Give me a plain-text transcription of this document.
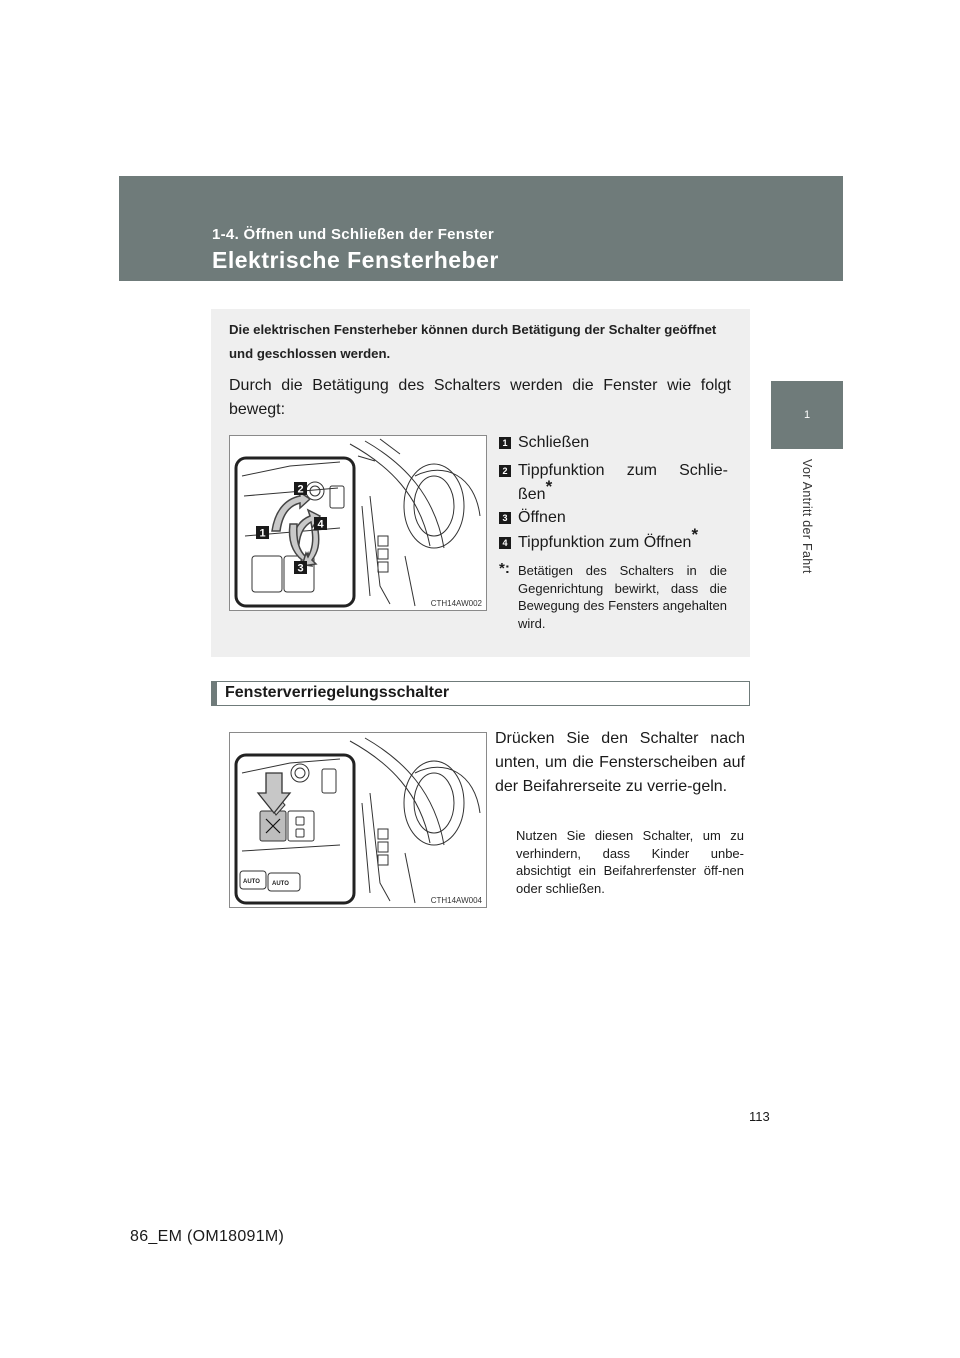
1-4. Öffnen und Schließen der Fenster
Elektrische Fensterheber
1
Vor Antritt der Fahrt
Die elektrischen Fensterheber können durch Betätigung der Schalter geöffnet und geschlossen werden.
Durch die Betätigung des Schalters werden die Fenster wie folgt bewegt:
1
2
3
4
CTH14AW002
1 Schließen
2 Tippfunktion zum Schlie-
ßen*
3 Öffnen
4 Tippfunktion zum Öffnen*
*: Betätigen des Schalters in die Gegenrichtung bewirkt, dass die Bewegung des Fensters angehalten wird.
Fensterverriegelungsschalter
AUTO AUTO
CTH14AW004
Drücken Sie den Schalter nach unten, um die Fensterscheiben auf der Beifahrerseite zu verrie-geln.
Nutzen Sie diesen Schalter, um zu verhindern, dass Kinder unbe-absichtigt ein Beifahrerfenster öff-nen oder schließen.
113
86_EM (OM18091M)
